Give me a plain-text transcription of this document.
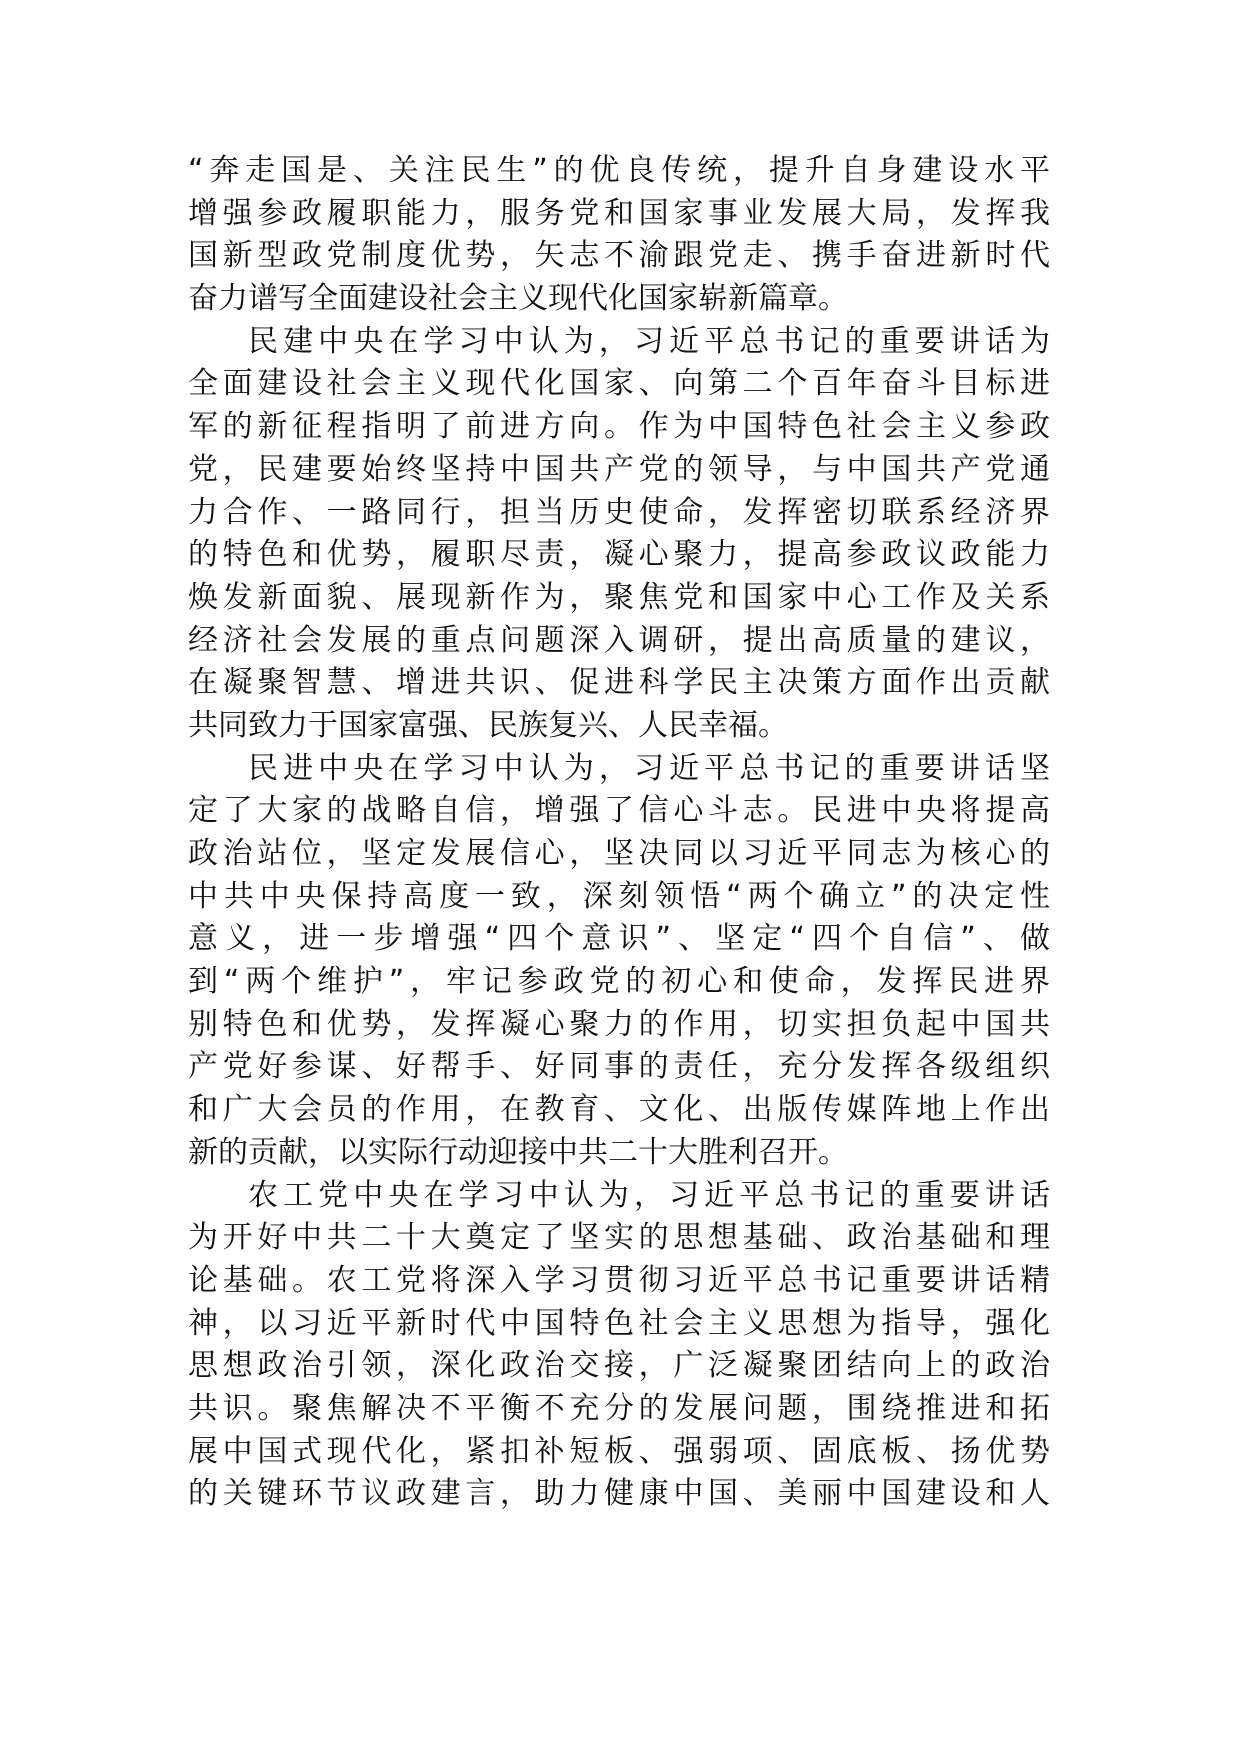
“奔走国是、关注民生”的优良传统，提升自身建设水平
增强参政履职能力，服务党和国家事业发展大局，发挥我
国新型政党制度优势，矢志不渝跟党走、携手奋进新时代
奋力谱写全面建设社会主义现代化国家崭新篇章。
民建中央在学习中认为，习近平总书记的重要讲话为
全面建设社会主义现代化国家、向第二个百年奋斗目标进
军的新征程指明了前进方向。作为中国特色社会主义参政
党，民建要始终坚持中国共产党的领导，与中国共产党通
力合作、一路同行，担当历史使命，发挥密切联系经济界
的特色和优势，履职尽责，凝心聚力，提高参政议政能力
焕发新面貌、展现新作为，聚焦党和国家中心工作及关系
经济社会发展的重点问题深入调研，提出高质量的建议，
在凝聚智慧、增进共识、促进科学民主决策方面作出贡献
共同致力于国家富强、民族复兴、人民幸福。
民进中央在学习中认为，习近平总书记的重要讲话坚
定了大家的战略自信，增强了信心斗志。民进中央将提高
政治站位，坚定发展信心，坚决同以习近平同志为核心的
中共中央保持高度一致，深刻领悟“两个确立”的决定性
意义，进一步增强“四个意识”、坚定“四个自信”、做
到“两个维护”，牢记参政党的初心和使命，发挥民进界
别特色和优势，发挥凝心聚力的作用，切实担负起中国共
产党好参谋、好帮手、好同事的责任，充分发挥各级组织
和广大会员的作用，在教育、文化、出版传媒阵地上作出
新的贡献，以实际行动迎接中共二十大胜利召开。
农工党中央在学习中认为，习近平总书记的重要讲话
为开好中共二十大奠定了坚实的思想基础、政治基础和理
论基础。农工党将深入学习贯彻习近平总书记重要讲话精
神，以习近平新时代中国特色社会主义思想为指导，强化
思想政治引领，深化政治交接，广泛凝聚团结向上的政治
共识。聚焦解决不平衡不充分的发展问题，围绕推进和拓
展中国式现代化，紧扣补短板、强弱项、固底板、扬优势
的关键环节议政建言，助力健康中国、美丽中国建设和人
